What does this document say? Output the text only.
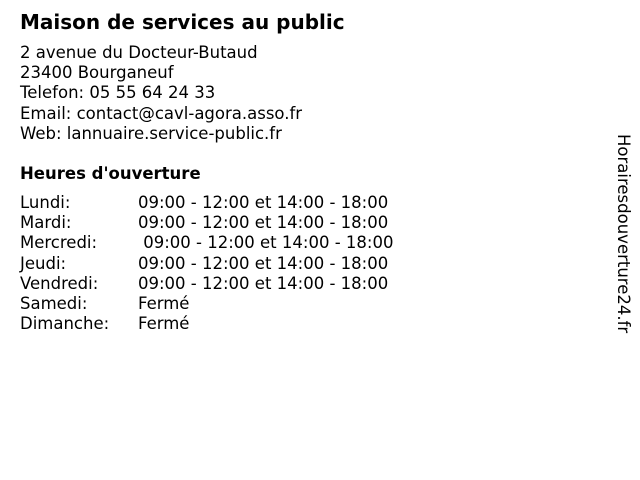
Maison de services au public
2 avenue du Docteur-Butaud
23400 Bourganeuf
Telefon: 05 55 64 24 33
Email: contact@cavl-agora.asso.fr
Web: lannuaire.service-public.fr
Heures d'ouverture
Lundi:	09:00 - 12:00 et 14:00 - 18:00
Mardi:	09:00 - 12:00 et 14:00 - 18:00
Mercredi: 09:00 - 12:00 et 14:00 - 18:00
Jeudi:	09:00 - 12:00 et 14:00 - 18:00
Vendredi: 09:00 - 12:00 et 14:00 - 18:00
Samedi:	Fermé
Dimanche: Fermé	Horairesdouverture24.fr
